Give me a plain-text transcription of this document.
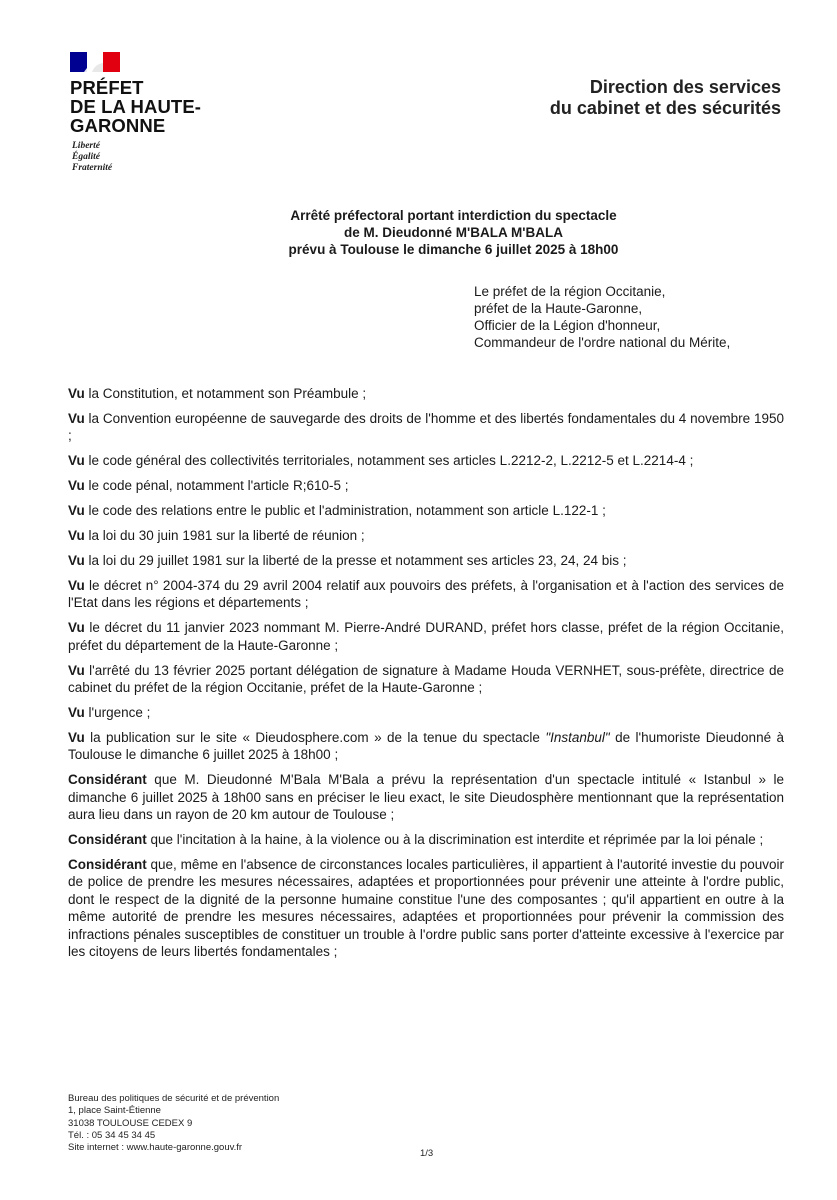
PRÉFET
DE LA HAUTE-
GARONNE
Liberté
Égalité
Fraternité
Direction des services
du cabinet et des sécurités
Arrêté préfectoral portant interdiction du spectacle
de M. Dieudonné M'BALA M'BALA
prévu à Toulouse le dimanche 6 juillet 2025 à 18h00
Le préfet de la région Occitanie,
préfet de la Haute-Garonne,
Officier de la Légion d'honneur,
Commandeur de l'ordre national du Mérite,

Vu la Constitution, et notamment son Préambule ;

Vu la Convention européenne de sauvegarde des droits de l'homme et des libertés fondamentales du 4 novembre 1950 ;

Vu le code général des collectivités territoriales, notamment ses articles L.2212-2, L.2212-5 et L.2214-4 ;

Vu le code pénal, notamment l'article R;610-5 ;

Vu le code des relations entre le public et l'administration, notamment son article L.122-1 ;

Vu la loi du 30 juin 1981 sur la liberté de réunion ;

Vu la loi du 29 juillet 1981 sur la liberté de la presse et notamment ses articles 23, 24, 24 bis ;

Vu le décret n° 2004-374 du 29 avril 2004 relatif aux pouvoirs des préfets, à l'organisation et à l'action des services de l'Etat dans les régions et départements ;

Vu le décret du 11 janvier 2023 nommant M. Pierre-André DURAND, préfet hors classe, préfet de la région Occitanie, préfet du département de la Haute-Garonne ;

Vu l'arrêté du 13 février 2025 portant délégation de signature à Madame Houda VERNHET, sous-préfète, directrice de cabinet du préfet de la région Occitanie, préfet de la Haute-Garonne ;

Vu l'urgence ;

Vu la publication sur le site « Dieudosphere.com » de la tenue du spectacle "Instanbul" de l'humoriste Dieudonné à Toulouse le dimanche 6 juillet 2025 à 18h00 ;

Considérant que M. Dieudonné M'Bala M'Bala a prévu la représentation d'un spectacle intitulé « Istanbul » le dimanche 6 juillet 2025 à 18h00 sans en préciser le lieu exact, le site Dieudosphère mentionnant que la représentation aura lieu dans un rayon de 20 km autour de Toulouse ;

Considérant que l'incitation à la haine, à la violence ou à la discrimination est interdite et réprimée par la loi pénale ;

Considérant que, même en l'absence de circonstances locales particulières, il appartient à l'autorité investie du pouvoir de police de prendre les mesures nécessaires, adaptées et proportionnées pour prévenir une atteinte à l'ordre public, dont le respect de la dignité de la personne humaine constitue l'une des composantes ; qu'il appartient en outre à la même autorité de prendre les mesures nécessaires, adaptées et proportionnées pour prévenir la commission des infractions pénales susceptibles de constituer un trouble à l'ordre public sans porter d'atteinte excessive à l'exercice par les citoyens de leurs libertés fondamentales ;

Bureau des politiques de sécurité et de prévention
1, place Saint-Étienne
31038 TOULOUSE CEDEX 9
Tél. : 05 34 45 34 45
Site internet : www.haute-garonne.gouv.fr
1/3
